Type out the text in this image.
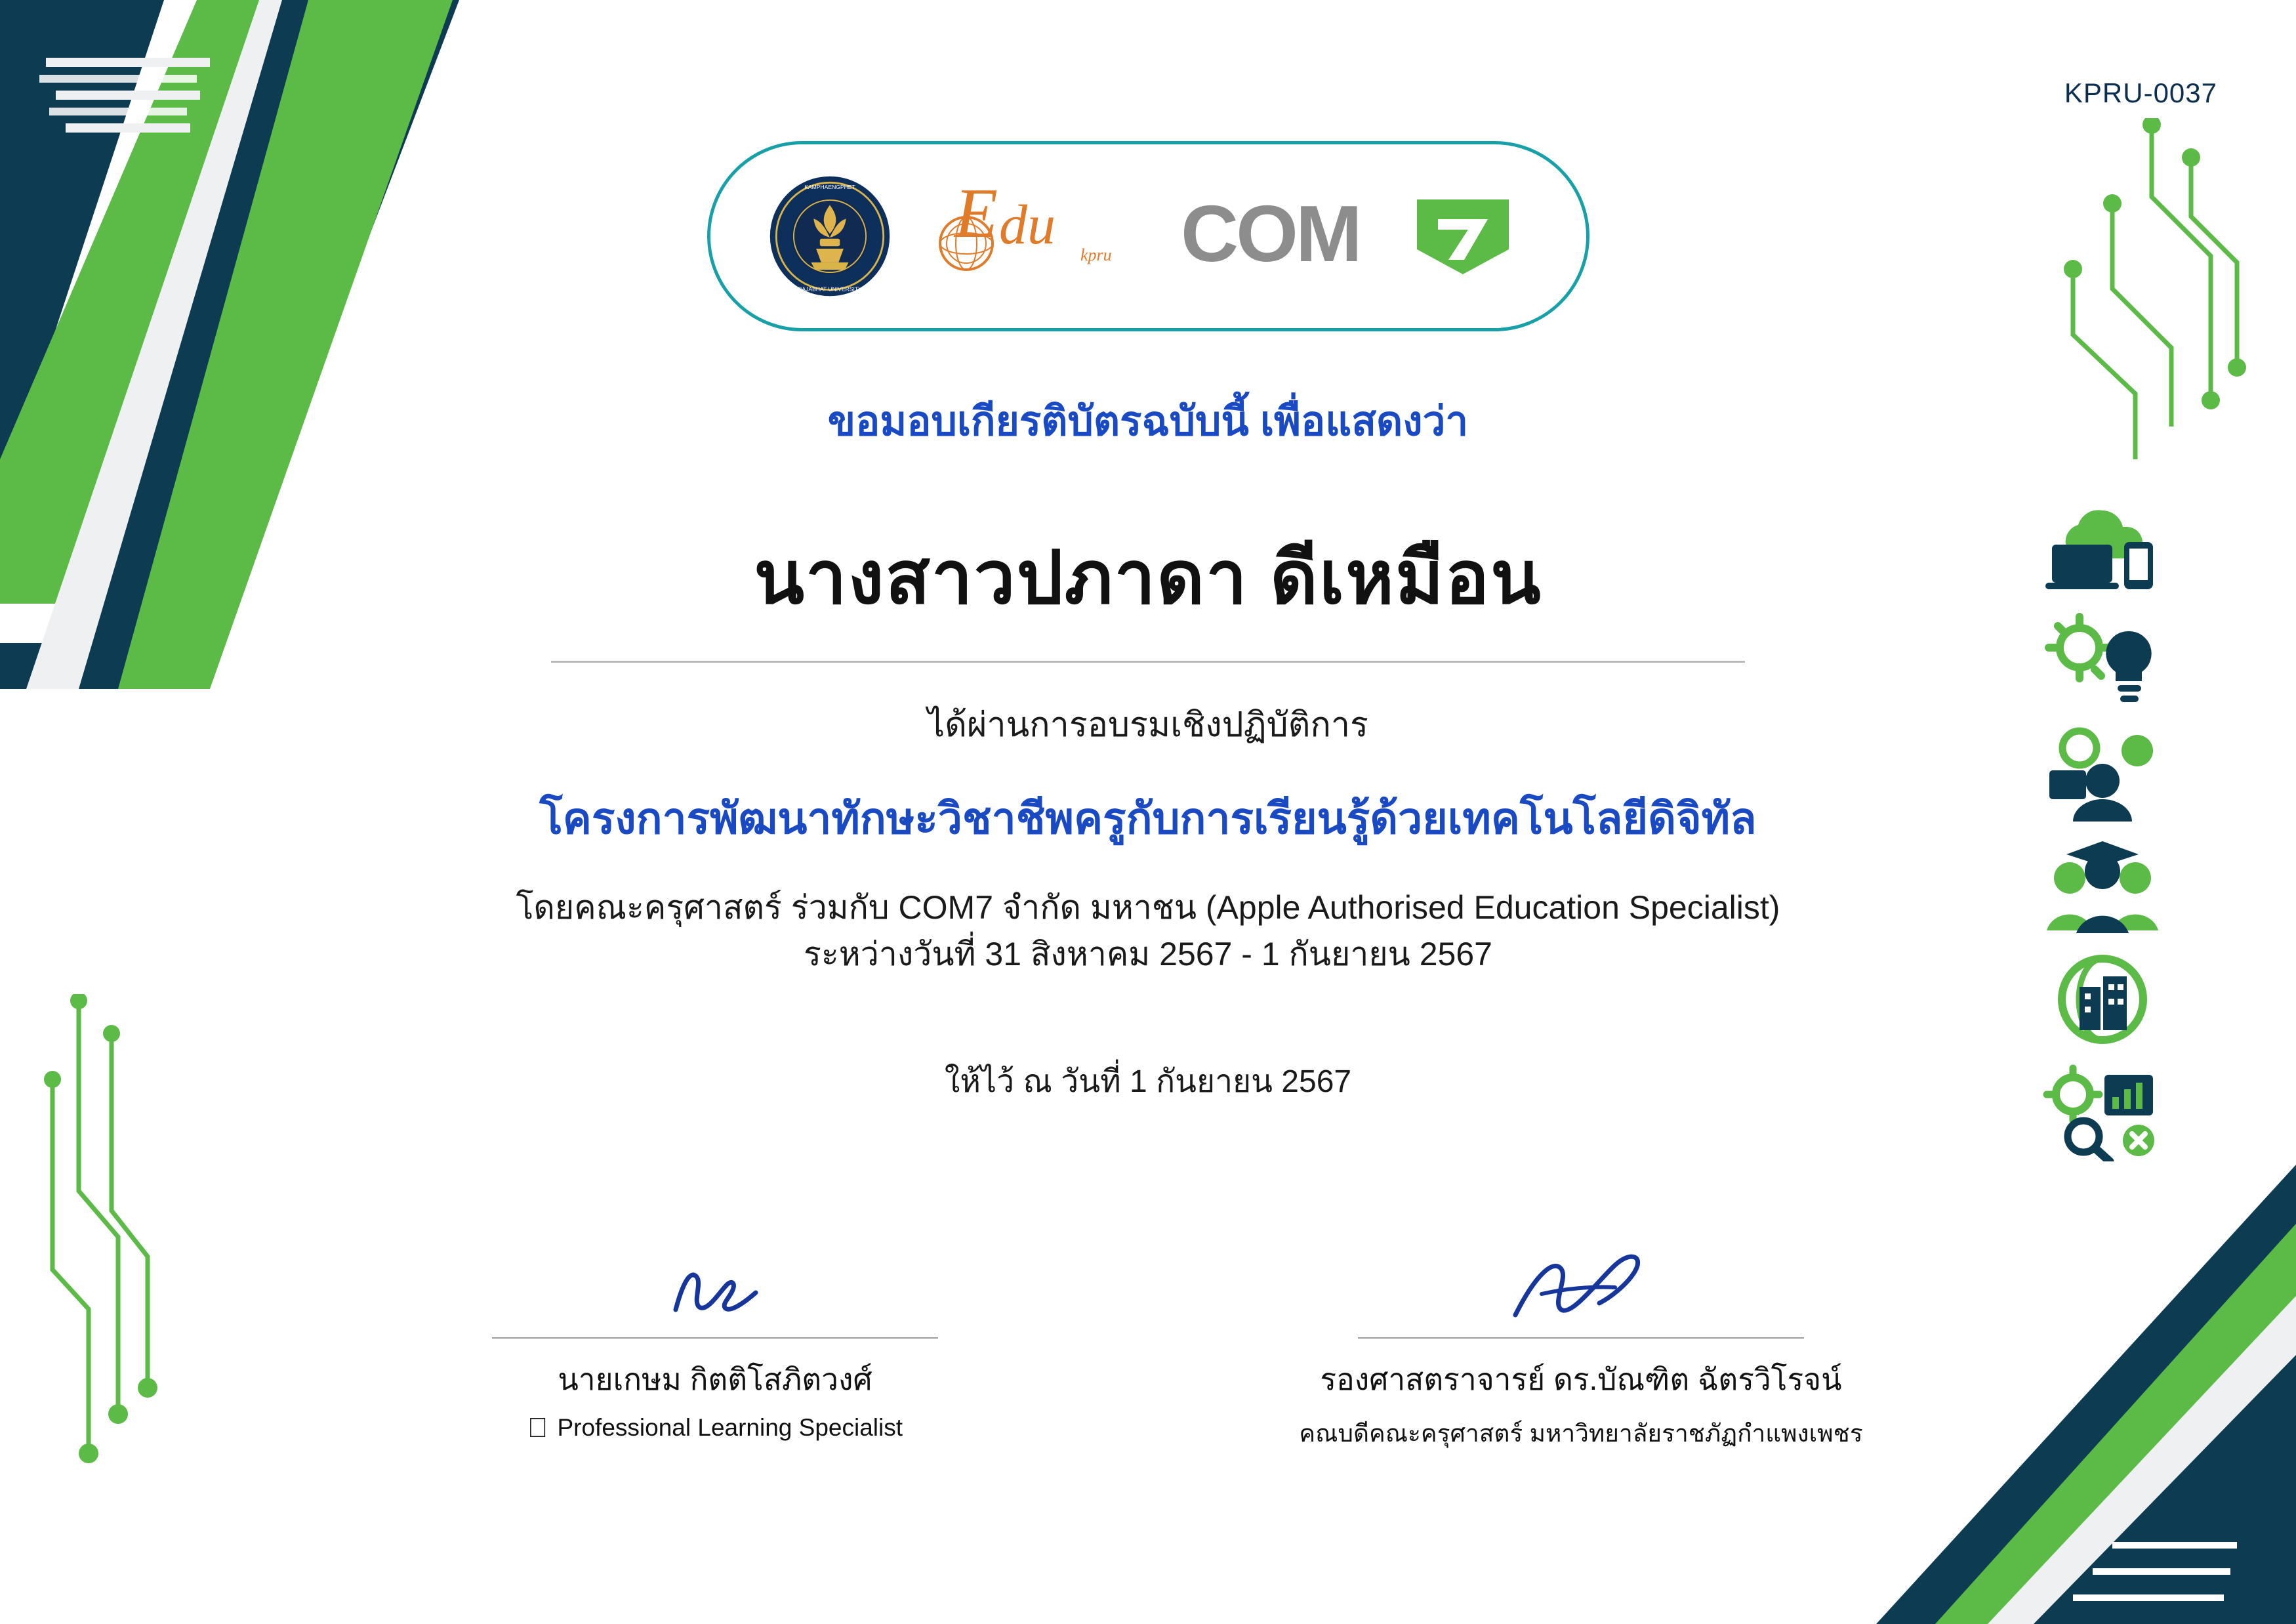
KPRU-0037
KAMPHAENGPHET
RAJABHAT UNIVERSITY
E du kpru COM
ขอมอบเกียรติบัตรฉบับนี้ เพื่อแสดงว่า
นางสาวปภาดา ดีเหมือน
ได้ผ่านการอบรมเชิงปฏิบัติการ
โครงการพัฒนาทักษะวิชาชีพครูกับการเรียนรู้ด้วยเทคโนโลยีดิจิทัล
โดยคณะครุศาสตร์ ร่วมกับ COM7 จำกัด มหาชน (Apple Authorised Education Specialist)
ระหว่างวันที่ 31 สิงหาคม 2567 - 1 กันยายน 2567
ให้ไว้ ณ วันที่ 1 กันยายน 2567
นายเกษม กิตติโสภิตวงศ์
Professional Learning Specialist
รองศาสตราจารย์ ดร.บัณฑิต ฉัตรวิโรจน์
คณบดีคณะครุศาสตร์ มหาวิทยาลัยราชภัฏกำแพงเพชร
